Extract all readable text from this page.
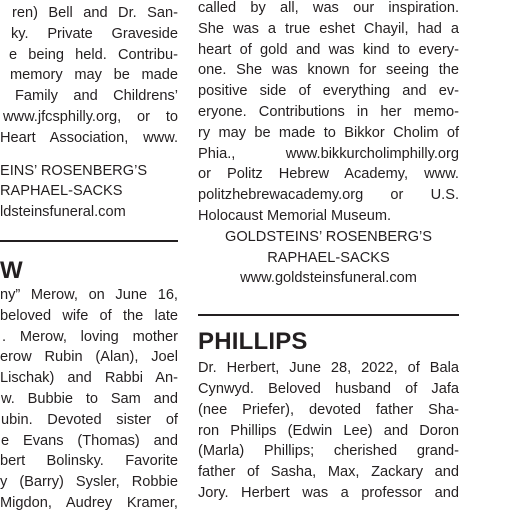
ren) Bell and Dr. San-
ky. Private Graveside
e being held. Contribu-
memory may be made
Family and Childrens’
www.jfcsphilly.org, or to
Heart Association, www.
EINS’ ROSENBERG’S
RAPHAEL-SACKS
ldsteinsfuneral.com
W
ny” Merow, on June 16,
beloved wife of the late
. Merow, loving mother
erow Rubin (Alan), Joel
Lischak) and Rabbi An-
w. Bubbie to Sam and
ubin. Devoted sister of
e Evans (Thomas) and
bert Bolinsky. Favorite
y (Barry) Sysler, Robbie
Migdon, Audrey Kramer,
called by all, was our inspiration.
She was a true eshet Chayil, had a
heart of gold and was kind to every-
one. She was known for seeing the
positive side of everything and ev-
eryone. Contributions in her memo-
ry may be made to Bikkor Cholim of
Phia.,    www.bikkurcholimphilly.org
or Politz Hebrew Academy, www.
politzhebrewacademy.org or U.S.
Holocaust Memorial Museum.
GOLDSTEINS’ ROSENBERG’S
RAPHAEL-SACKS
www.goldsteinsfuneral.com
PHILLIPS
Dr. Herbert, June 28, 2022, of Bala
Cynwyd. Beloved husband of Jafa
(nee Priefer), devoted father Sha-
ron Phillips (Edwin Lee) and Doron
(Marla) Phillips; cherished grand-
father of Sasha, Max, Zackary and
Jory. Herbert was a professor and
